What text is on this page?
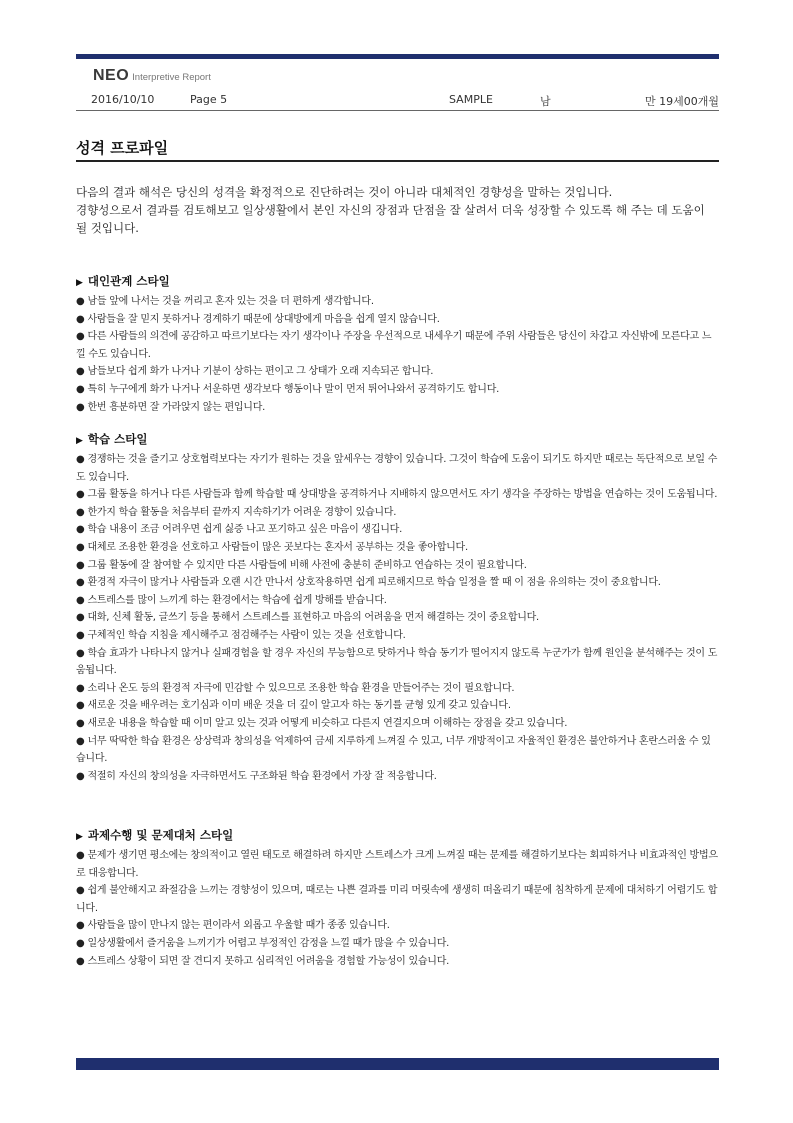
NEO Interpretive Report
2016/10/10	Page 5	SAMPLE	남	만 19세00개월
성격 프로파일

다음의 결과 해석은 당신의 성격을 확정적으로 진단하려는 것이 아니라 대체적인 경향성을 말하는 것입니다.

경향성으로서 결과를 검토해보고 일상생활에서 본인 자신의 장점과 단점을 잘 살려서 더욱 성장할 수 있도록 해 주는 데 도움이 될 것입니다.

▶ 대인관계 스타일
● 남들 앞에 나서는 것을 꺼리고 혼자 있는 것을 더 편하게 생각합니다.
● 사람들을 잘 믿지 못하거나 경계하기 때문에 상대방에게 마음을 쉽게 열지 않습니다.
● 다른 사람들의 의견에 공감하고 따르기보다는 자기 생각이나 주장을 우선적으로 내세우기 때문에 주위 사람들은 당신이 차갑고 자신밖에 모른다고 느낄 수도 있습니다.
● 남들보다 쉽게 화가 나거나 기분이 상하는 편이고 그 상태가 오래 지속되곤 합니다.
● 특히 누구에게 화가 나거나 서운하면 생각보다 행동이나 말이 먼저 튀어나와서 공격하기도 합니다.
● 한번 흥분하면 잘 가라앉지 않는 편입니다.
▶ 학습 스타일
● 경쟁하는 것을 즐기고 상호협력보다는 자기가 원하는 것을 앞세우는 경향이 있습니다. 그것이 학습에 도움이 되기도 하지만 때로는 독단적으로 보일 수도 있습니다.
● 그룹 활동을 하거나 다른 사람들과 함께 학습할 때 상대방을 공격하거나 지배하지 않으면서도 자기 생각을 주장하는 방법을 연습하는 것이 도움됩니다.
● 한가지 학습 활동을 처음부터 끝까지 지속하기가 어려운 경향이 있습니다.
● 학습 내용이 조금 어려우면 쉽게 싫증 나고 포기하고 싶은 마음이 생깁니다.
● 대체로 조용한 환경을 선호하고 사람들이 많은 곳보다는 혼자서 공부하는 것을 좋아합니다.
● 그룹 활동에 잘 참여할 수 있지만 다른 사람들에 비해 사전에 충분히 준비하고 연습하는 것이 필요합니다.
● 환경적 자극이 많거나 사람들과 오랜 시간 만나서 상호작용하면 쉽게 피로해지므로 학습 일정을 짤 때 이 점을 유의하는 것이 중요합니다.
● 스트레스를 많이 느끼게 하는 환경에서는 학습에 쉽게 방해를 받습니다.
● 대화, 신체 활동, 글쓰기 등을 통해서 스트레스를 표현하고 마음의 어려움을 먼저 해결하는 것이 중요합니다.
● 구체적인 학습 지침을 제시해주고 점검해주는 사람이 있는 것을 선호합니다.
● 학습 효과가 나타나지 않거나 실패경험을 할 경우 자신의 무능함으로 탓하거나 학습 동기가 떨어지지 않도록 누군가가 함께 원인을 분석해주는 것이 도움됩니다.
● 소리나 온도 등의 환경적 자극에 민감할 수 있으므로 조용한 학습 환경을 만들어주는 것이 필요합니다.
● 새로운 것을 배우려는 호기심과 이미 배운 것을 더 깊이 알고자 하는 동기를 균형 있게 갖고 있습니다.
● 새로운 내용을 학습할 때 이미 알고 있는 것과 어떻게 비슷하고 다른지 연결지으며 이해하는 장점을 갖고 있습니다.
● 너무 딱딱한 학습 환경은 상상력과 창의성을 억제하여 금세 지루하게 느껴질 수 있고, 너무 개방적이고 자율적인 환경은 불안하거나 혼란스러울 수 있습니다.
● 적절히 자신의 창의성을 자극하면서도 구조화된 학습 환경에서 가장 잘 적응합니다.
▶ 과제수행 및 문제대처 스타일
● 문제가 생기면 평소에는 창의적이고 열린 태도로 해결하려 하지만 스트레스가 크게 느껴질 때는 문제를 해결하기보다는 회피하거나 비효과적인 방법으로 대응합니다.
● 쉽게 불안해지고 좌절감을 느끼는 경향성이 있으며, 때로는 나쁜 결과를 미리 머릿속에 생생히 떠올리기 때문에 침착하게 문제에 대처하기 어렵기도 합니다.
● 사람들을 많이 만나지 않는 편이라서 외롭고 우울할 때가 종종 있습니다.
● 일상생활에서 즐거움을 느끼기가 어렵고 부정적인 감정을 느낄 때가 많을 수 있습니다.
● 스트레스 상황이 되면 잘 견디지 못하고 심리적인 어려움을 경험할 가능성이 있습니다.
